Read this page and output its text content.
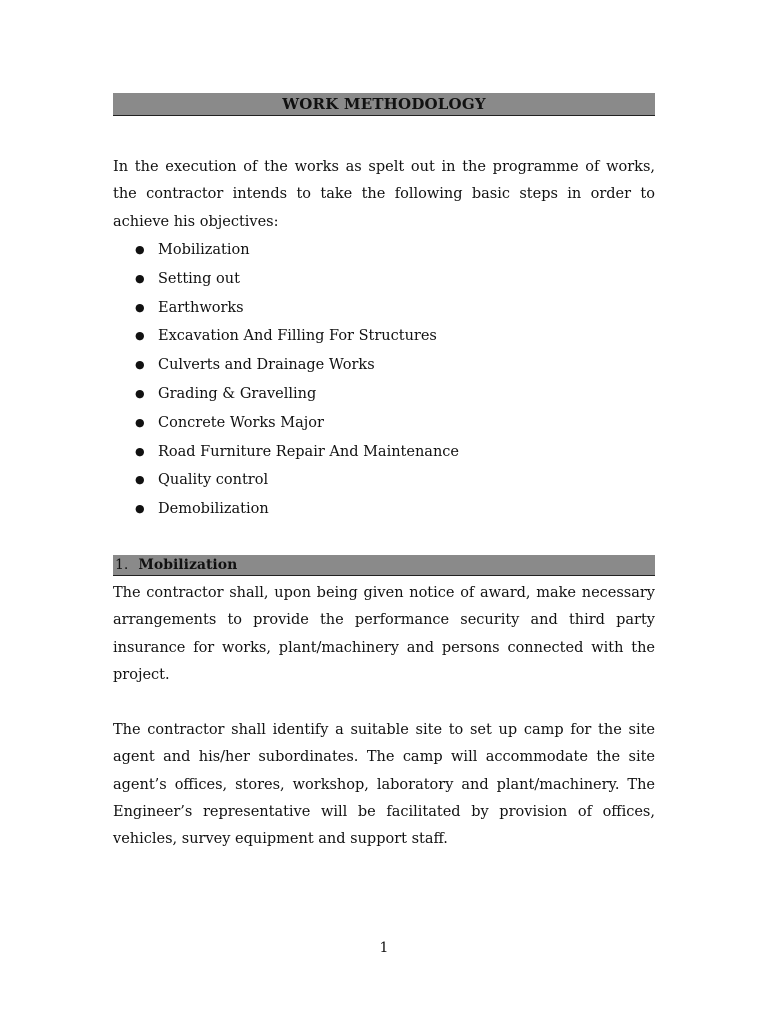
WORK METHODOLOGY

In the execution of the works as spelt out in the programme of works, the contractor intends to take the following basic steps in order to achieve his objectives:

● Mobilization
● Setting out
● Earthworks
● Excavation And Filling For Structures
● Culverts and Drainage Works
● Grading & Gravelling
● Concrete Works Major
● Road Furniture Repair And Maintenance
● Quality control
● Demobilization
1. Mobilization

The contractor shall, upon being given notice of award, make necessary arrangements to provide the performance security and third party insurance for works, plant/machinery and persons connected with the project.

The contractor shall identify a suitable site to set up camp for the site agent and his/her subordinates. The camp will accommodate the site agent’s offices, stores, workshop, laboratory and plant/machinery. The Engineer’s representative will be facilitated by provision of offices, vehicles, survey equipment and support staff.

1
